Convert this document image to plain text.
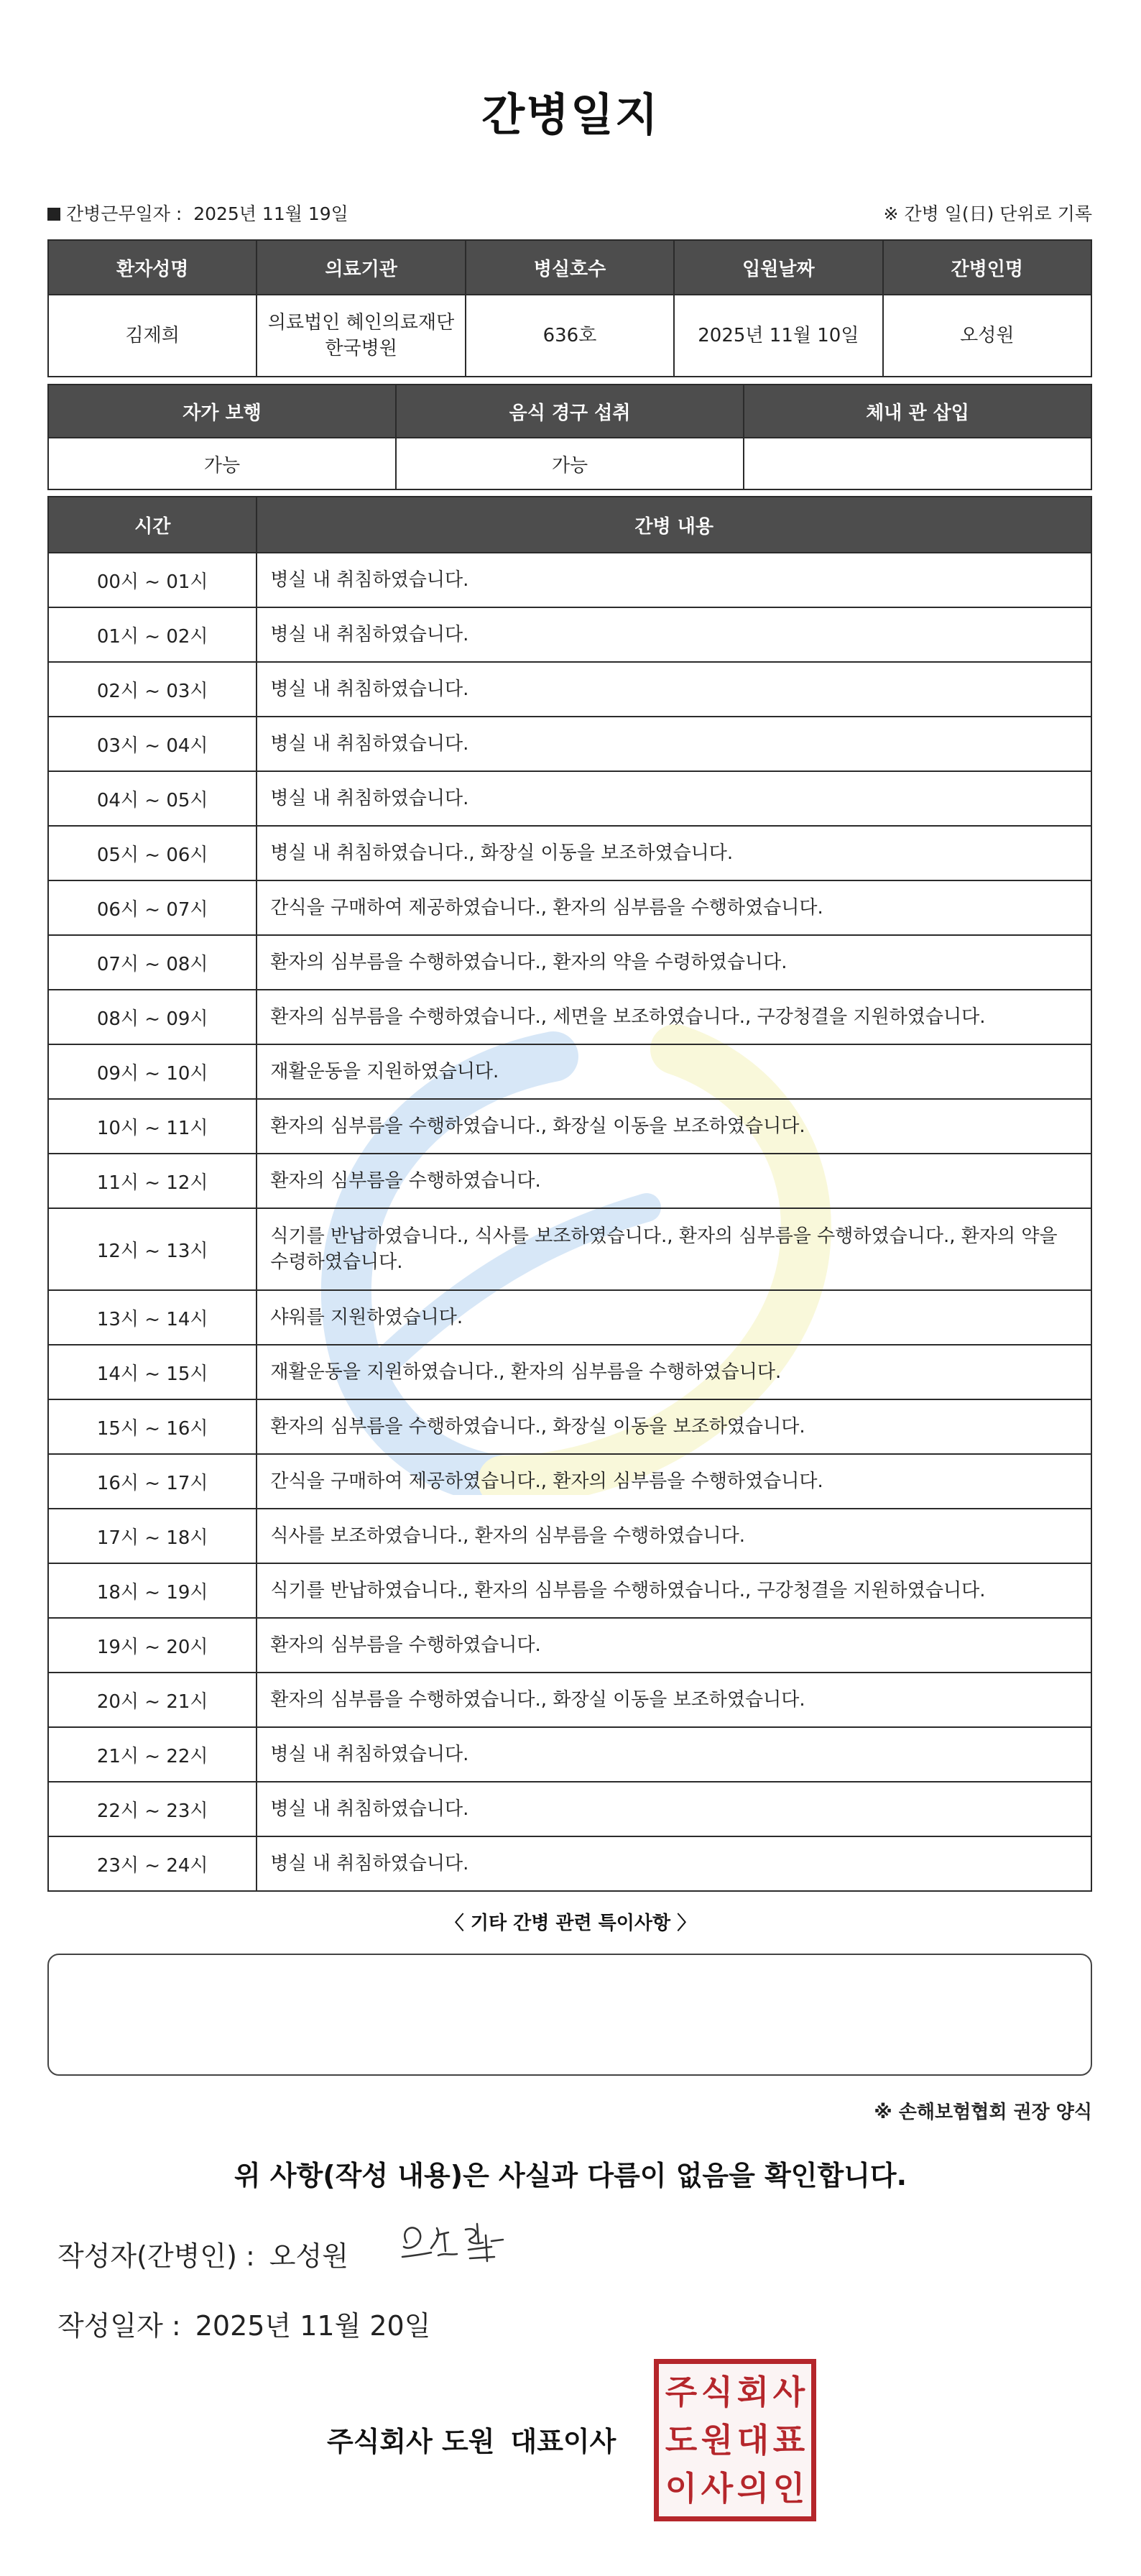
간병일지
간병근무일자 : 2025년 11월 19일	※ 간병 일(日) 단위로 기록
환자성명	의료기관	병실호수	입원날짜	간병인명
김제희	의료법인 혜인의료재단 한국병원	636호	2025년 11월 10일	오성원
자가 보행	음식 경구 섭취	체내 관 삽입
가능	가능	
시간	간병 내용
00시 ~ 01시	병실 내 취침하였습니다.
01시 ~ 02시	병실 내 취침하였습니다.
02시 ~ 03시	병실 내 취침하였습니다.
03시 ~ 04시	병실 내 취침하였습니다.
04시 ~ 05시	병실 내 취침하였습니다.
05시 ~ 06시	병실 내 취침하였습니다., 화장실 이동을 보조하였습니다.
06시 ~ 07시	간식을 구매하여 제공하였습니다., 환자의 심부름을 수행하였습니다.
07시 ~ 08시	환자의 심부름을 수행하였습니다., 환자의 약을 수령하였습니다.
08시 ~ 09시	환자의 심부름을 수행하였습니다., 세면을 보조하였습니다., 구강청결을 지원하였습니다.
09시 ~ 10시	재활운동을 지원하였습니다.
10시 ~ 11시	환자의 심부름을 수행하였습니다., 화장실 이동을 보조하였습니다.
11시 ~ 12시	환자의 심부름을 수행하였습니다.
12시 ~ 13시	식기를 반납하였습니다., 식사를 보조하였습니다., 환자의 심부름을 수행하였습니다., 환자의 약을 수령하였습니다.
13시 ~ 14시	샤워를 지원하였습니다.
14시 ~ 15시	재활운동을 지원하였습니다., 환자의 심부름을 수행하였습니다.
15시 ~ 16시	환자의 심부름을 수행하였습니다., 화장실 이동을 보조하였습니다.
16시 ~ 17시	간식을 구매하여 제공하였습니다., 환자의 심부름을 수행하였습니다.
17시 ~ 18시	식사를 보조하였습니다., 환자의 심부름을 수행하였습니다.
18시 ~ 19시	식기를 반납하였습니다., 환자의 심부름을 수행하였습니다., 구강청결을 지원하였습니다.
19시 ~ 20시	환자의 심부름을 수행하였습니다.
20시 ~ 21시	환자의 심부름을 수행하였습니다., 화장실 이동을 보조하였습니다.
21시 ~ 22시	병실 내 취침하였습니다.
22시 ~ 23시	병실 내 취침하였습니다.
23시 ~ 24시	병실 내 취침하였습니다.
〈 기타 간병 관련 특이사항 〉
※ 손해보험협회 권장 양식
위 사항(작성 내용)은 사실과 다름이 없음을 확인합니다.
작성자(간병인) : 오성원
작성일자 : 2025년 11월 20일
주식회사 도원 대표이사
주 식 회 사
도 원 대 표
이 사 의 인
